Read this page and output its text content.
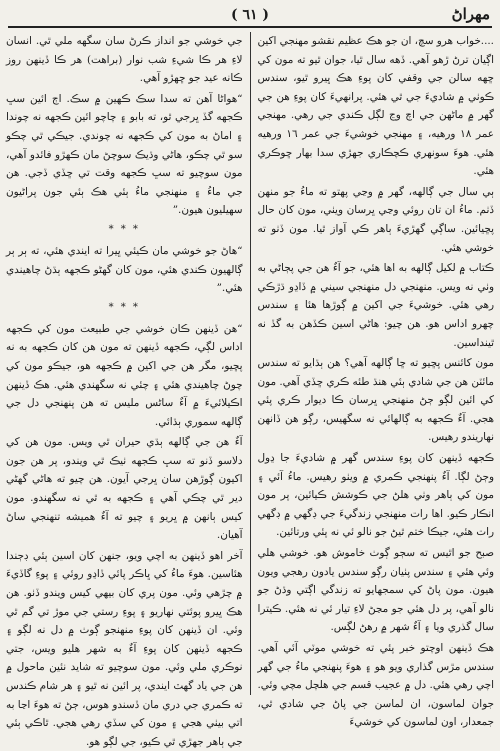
( ٦١ )	مهراڻ

جي خوشي جو انداز ڪرڻ سان سگهه ملي ٿي. انسان لاءِ هر ڪا شيءِ شب نوار (براهت) هر ڪا ڏينهن روز ڪانه عيد جو ڇهڙو آهي.

“هواڻا آهن ته سدا سڪ ڪهين ۾ سڪ. اڄ ائين سڀ ڪجهه گڏ ڀرجي ٿو، ته بابو ۽ چاچو ائين ڪجهه نه چوندا ۽ اماڻ به مون کي ڪجهه نه چوندي. جيڪي ٿي چڪو سو ٿي چڪو، هاڻي وڌيڪ سوچڻ مان ڪهڙو فائدو آهي، مون سوچيو ته سڀ ڪجهه وقت تي ڇڏي ڏجي. هن جي ماءُ ۽ منهنجي ماءُ ٻئي هڪ ٻئي جون پراڻيون سهيليون هيون.”

* * *

“هاڻ جو خوشي مان ڪيئي ڀيرا ته ايندي هئي، ته ٻر ٻر ڳالهيون ڪندي هئي، مون کان گهڻو ڪجهه ٻڌڻ چاهيندي هئي.”

* * *

“هن ڏينهن ڪان خوشي جي طبيعت مون کي ڪجهه اداس لڳي، ڪجهه ڏينهن ته مون هن کان ڪجهه به نه پڇيو، مگر هن جي اکين ۾ ڪجهه هو، جيڪو مون کي چوڻ چاهيندي هئي ۽ چئي نه سگهندي هئي. هڪ ڏينهن اڪيلائيءَ ۾ آءٌ ساڻس مليس ته هن پنهنجي دل جي ڳالهه سموري ٻڌائي.

آءٌ هن جي ڳالهه ٻڌي حيران ٿي ويس. مون هن کي دلاسو ڏنو ته سڀ ڪجهه ٺيڪ ٿي ويندو، پر هن جون اکيون ڳوڙهن سان ڀرجي آيون. هن چيو ته هاڻي گهڻي دير ٿي چڪي آهي ۽ ڪجهه به ٿي نه سگهندو. مون کيس ٻانهن ۾ ڀريو ۽ چيو ته آءٌ هميشه تنهنجي ساڻ آهيان.

آخر اهو ڏينهن به اچي ويو، جنهن کان اسين ٻئي ڊڄندا هئاسين. هوءَ ماءُ کي ڀاڪر پائي ڏاڍو روئي ۽ پوءِ گاڏيءَ ۾ چڙهي وئي. مون پري کان بيهي کيس ويندو ڏٺو. هن هڪ ڀيرو پوئتي نهاريو ۽ پوءِ رستي جي موڙ تي گم ٿي وئي. ان ڏينهن کان پوءِ منهنجو ڳوٺ ۾ دل نه لڳو ۽ ڪجهه ڏينهن کان پوءِ آءٌ به شهر هليو ويس، جتي نوڪري ملي وئي. مون سوچيو ته شايد نئين ماحول ۾ هن جي ياد گهٽ ايندي، پر ائين نه ٿيو ۽ هر شام ڪندس ته ڪمري جي دري مان ڏسندو هوس، ڄڻ ته هوءَ اڃا به اتي بيٺي هجي ۽ مون کي سڏي رهي هجي. ٿاڪي ٻئي جي ٻاهر جهڙي ٿي ڪيو، جي لڳو هو.

....خواب هرو سچ، ان جو هڪ عظيم نقشو مهنجي اکين اڳيان ترڻ ڙهو آهي. ڏهه سال ٿيا، جوان ٿيو ته مون کي ڇهه سالن جي وقفي کان پوءِ هڪ ڀيرو ٿيو، سندس ڪوٺي ۾ شاديءَ جي ٿي هئي. پرانهيءَ کان پوءِ هن جي گهر ۾ ماڻهن جي اچ وڃ لڳل ڪندي جي رهي. مهنجي عمر ١٨ ورهيه، ۽ مهنجي خوشيءَ جي عمر ١٦ ورهيه هئي. هوءَ سونهري ڪچڪاري جهڙي سدا بهار ڇوڪري هئي.

ٻي سال جي ڳالهه، گهر ۾ وڃي پهتو ته ماءُ جو منهن ڏٺم. ماءُ ان تان روئي وڃي ڀرسان ويٺي، مون کان حال پڇيائين. ساڳي گهڙيءَ ٻاهر ڪي آواز ٿيا. مون ڏٺو ته خوشي هئي.

ڪتاب ۾ لکيل ڳالهه به اها هئي، جو آءٌ هن جي پڄاڻي به وٺي نه ويس. منهنجي دل منهنجي سيني ۾ ڏاڍو ڌڙڪي رهي هئي. خوشيءَ جي اکين ۾ ڳوڙها هئا ۽ سندس چهرو اداس هو. هن چيو: هاڻي اسين ڪڏهن به گڏ نه ٿينداسين.

مون کائنس پڇيو ته ڇا ڳالهه آهي؟ هن ٻڌايو ته سندس مائٽن هن جي شادي ٻئي هنڌ طئه ڪري ڇڏي آهي. مون کي ائين لڳو ڄڻ منهنجي ڀرسان ڪا ديوار ڪري پئي هجي. آءٌ ڪجهه به ڳالهائي نه سگهيس، رڳو هن ڏانهن نهاريندو رهيس.

ڪجهه ڏينهن کان پوءِ سندس گهر ۾ شاديءَ جا ڍول وڄڻ لڳا. آءٌ پنهنجي ڪمري ۾ ويٺو رهيس. ماءُ آئي ۽ مون کي ٻاهر وٺي هلڻ جي ڪوشش ڪيائين، پر مون انڪار ڪيو. اها رات منهنجي زندگيءَ جي ڊگهي ۾ ڊگهي رات هئي، جيڪا ختم ٿيڻ جو نالو ئي نه پئي ورتائين.

صبح جو اٿيس ته سڄو ڳوٺ خاموش هو. خوشي هلي وئي هئي ۽ سندس پٺيان رڳو سندس يادون رهجي ويون هيون. مون پاڻ کي سمجهايو ته زندگي اڳتي وڌڻ جو نالو آهي، پر دل هئي جو مڃڻ لاءِ تيار ئي نه هئي. ڪيترا سال گذري ويا ۽ آءٌ شهر ۾ رهڻ لڳس.

هڪ ڏينهن اوچتو خبر پئي ته خوشي موٽي آئي آهي. سندس مڙس گذاري ويو هو ۽ هوءَ پنهنجي ماءُ جي گهر اچي رهي هئي. دل ۾ عجيب قسم جي هلچل مچي وئي. جوان لماسون، ان لماسن جي پاڻ جي شادي ٿي، جمعدار، اون لماسون کي خوشيءَ
